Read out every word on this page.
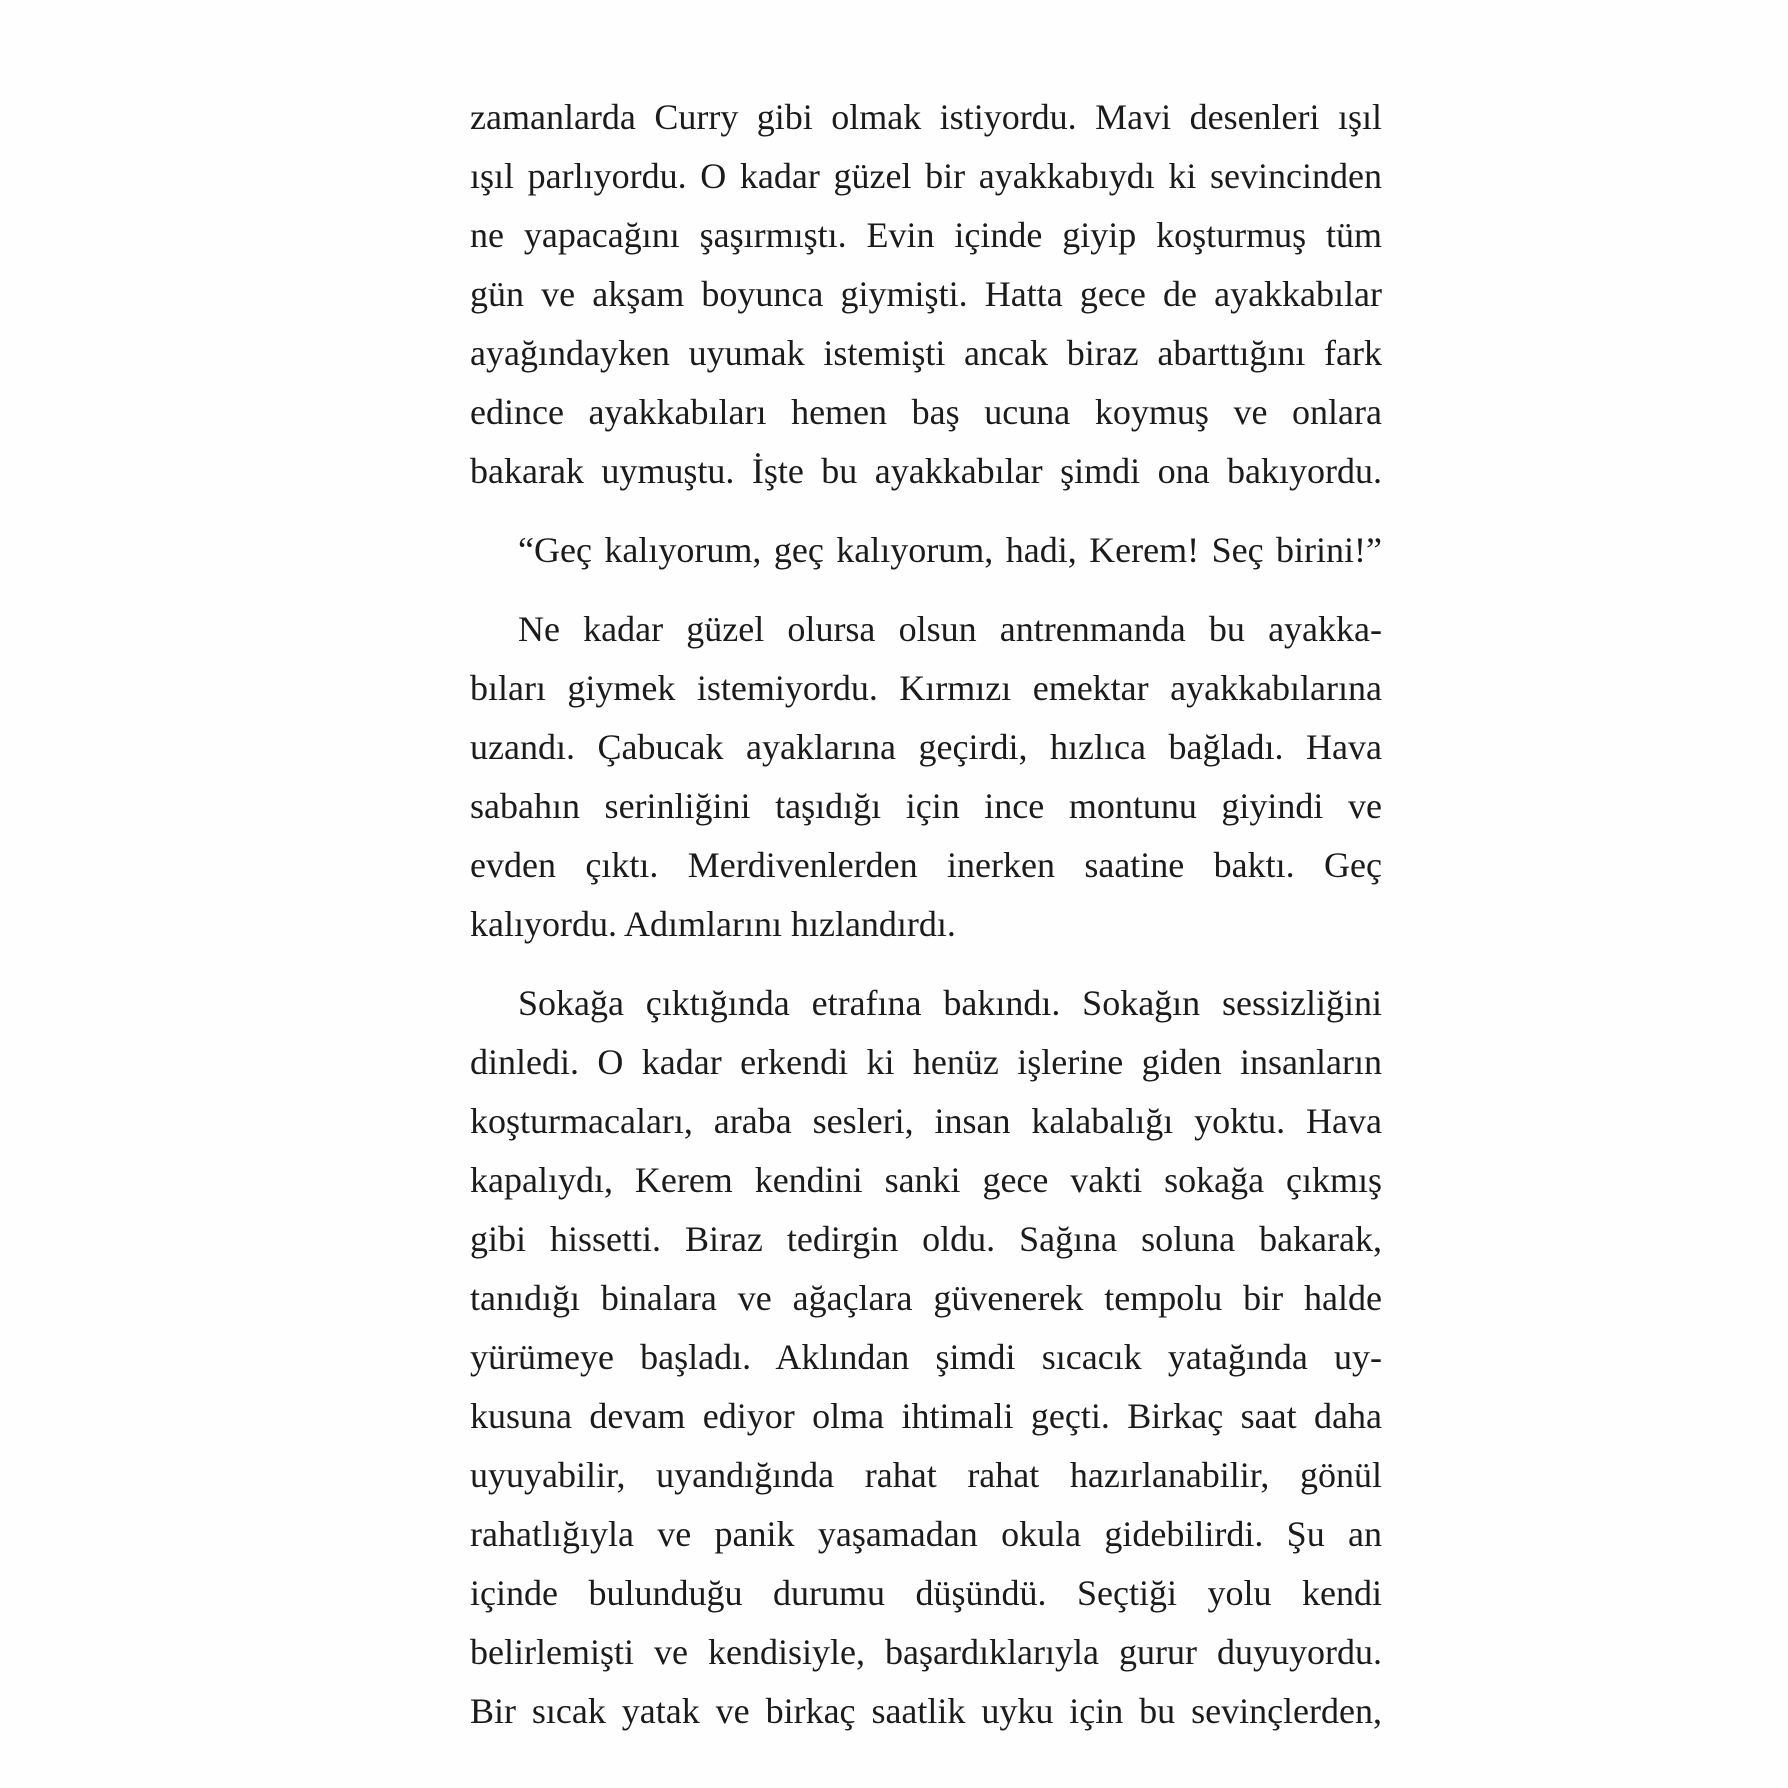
zamanlarda Curry gibi olmak istiyordu. Mavi desenleri ışıl
ışıl parlıyordu. O kadar güzel bir ayakkabıydı ki sevincinden
ne yapacağını şaşırmıştı. Evin içinde giyip koşturmuş tüm
gün ve akşam boyunca giymişti. Hatta gece de ayakkabılar
ayağındayken uyumak istemişti ancak biraz abarttığını fark
edince ayakkabıları hemen baş ucuna koymuş ve onlara
bakarak uymuştu. İşte bu ayakkabılar şimdi ona bakıyordu.
“Geç kalıyorum, geç kalıyorum, hadi, Kerem! Seç birini!”
Ne kadar güzel olursa olsun antrenmanda bu ayakka-
bıları giymek istemiyordu. Kırmızı emektar ayakkabılarına
uzandı. Çabucak ayaklarına geçirdi, hızlıca bağladı. Hava
sabahın serinliğini taşıdığı için ince montunu giyindi ve
evden çıktı. Merdivenlerden inerken saatine baktı. Geç
kalıyordu. Adımlarını hızlandırdı.
Sokağa çıktığında etrafına bakındı. Sokağın sessizliğini
dinledi. O kadar erkendi ki henüz işlerine giden insanların
koşturmacaları, araba sesleri, insan kalabalığı yoktu. Hava
kapalıydı, Kerem kendini sanki gece vakti sokağa çıkmış
gibi hissetti. Biraz tedirgin oldu. Sağına soluna bakarak,
tanıdığı binalara ve ağaçlara güvenerek tempolu bir halde
yürümeye başladı. Aklından şimdi sıcacık yatağında uy-
kusuna devam ediyor olma ihtimali geçti. Birkaç saat daha
uyuyabilir, uyandığında rahat rahat hazırlanabilir, gönül
rahatlığıyla ve panik yaşamadan okula gidebilirdi. Şu an
içinde bulunduğu durumu düşündü. Seçtiği yolu kendi
belirlemişti ve kendisiyle, başardıklarıyla gurur duyuyordu.
Bir sıcak yatak ve birkaç saatlik uyku için bu sevinçlerden,
